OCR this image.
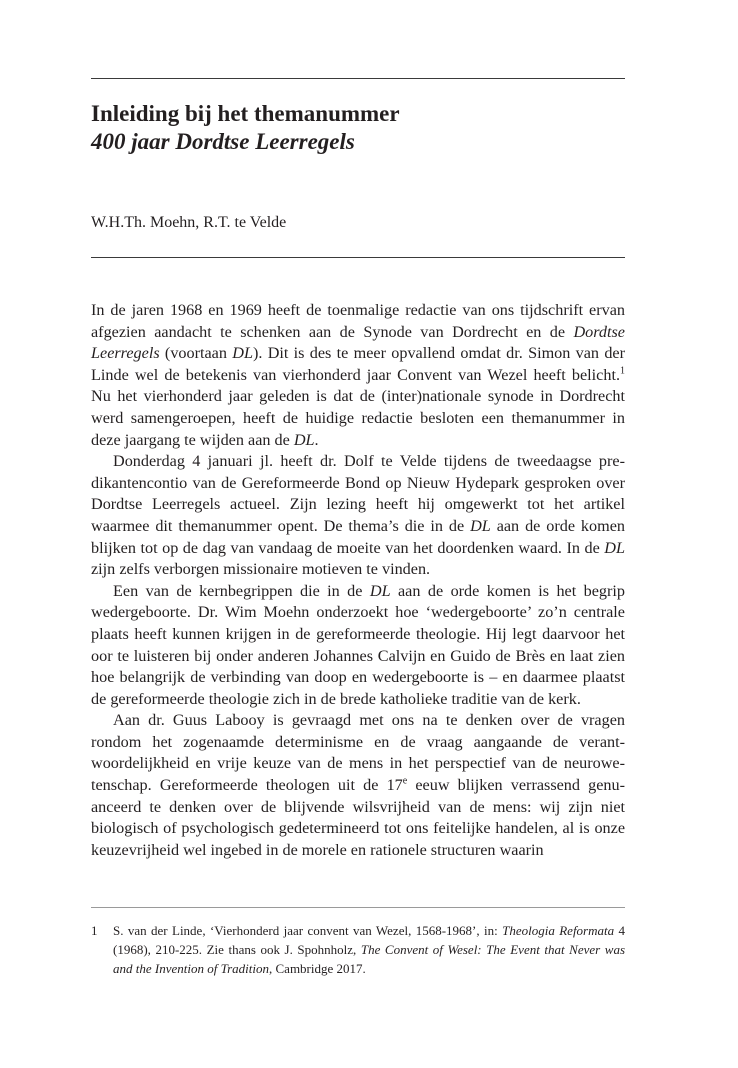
Inleiding bij het themanummer
400 jaar Dordtse Leerregels
W.H.Th. Moehn, R.T. te Velde

In de jaren 1968 en 1969 heeft de toenmalige redactie van ons tijdschrift ervan afgezien aandacht te schenken aan de Synode van Dordrecht en de Dordtse Leerregels (voortaan DL). Dit is des te meer opvallend omdat dr. Simon van der Linde wel de betekenis van vierhonderd jaar Convent van Wezel heeft belicht.$^1$ Nu het vierhonderd jaar geleden is dat de (inter)nationale synode in Dordrecht werd samengeroepen, heeft de huidige redactie besloten een themanummer in deze jaargang te wijden aan de DL.

Donderdag 4 januari jl. heeft dr. Dolf te Velde tijdens de tweedaagse predikantencontio van de Gereformeerde Bond op Nieuw Hydepark gesproken over Dordtse Leerregels actueel. Zijn lezing heeft hij omgewerkt tot het artikel waarmee dit themanummer opent. De thema’s die in de DL aan de orde komen blijken tot op de dag van vandaag de moeite van het doordenken waard. In de DL zijn zelfs verborgen missionaire motieven te vinden.

Een van de kernbegrippen die in de DL aan de orde komen is het begrip wedergeboorte. Dr. Wim Moehn onderzoekt hoe ‘wedergeboorte’ zo’n centrale plaats heeft kunnen krijgen in de gereformeerde theologie. Hij legt daarvoor het oor te luisteren bij onder anderen Johannes Calvijn en Guido de Brès en laat zien hoe belangrijk de verbinding van doop en wedergeboorte is – en daarmee plaatst de gereformeerde theologie zich in de brede katholieke traditie van de kerk.

Aan dr. Guus Labooy is gevraagd met ons na te denken over de vragen rondom het zogenaamde determinisme en de vraag aangaande de verantwoordelijkheid en vrije keuze van de mens in het perspectief van de neurowetenschap. Gereformeerde theologen uit de 17e eeuw blijken verrassend genuanceerd te denken over de blijvende wilsvrijheid van de mens: wij zijn niet biologisch of psychologisch gedetermineerd tot ons feitelijke handelen, al is onze keuzevrijheid wel ingebed in de morele en rationele structuren waarin

1 S. van der Linde, ‘Vierhonderd jaar convent van Wezel, 1568-1968’, in: Theologia Reformata 4 (1968), 210-225. Zie thans ook J. Spohnholz, The Convent of Wesel: The Event that Never was and the Invention of Tradition, Cambridge 2017.
